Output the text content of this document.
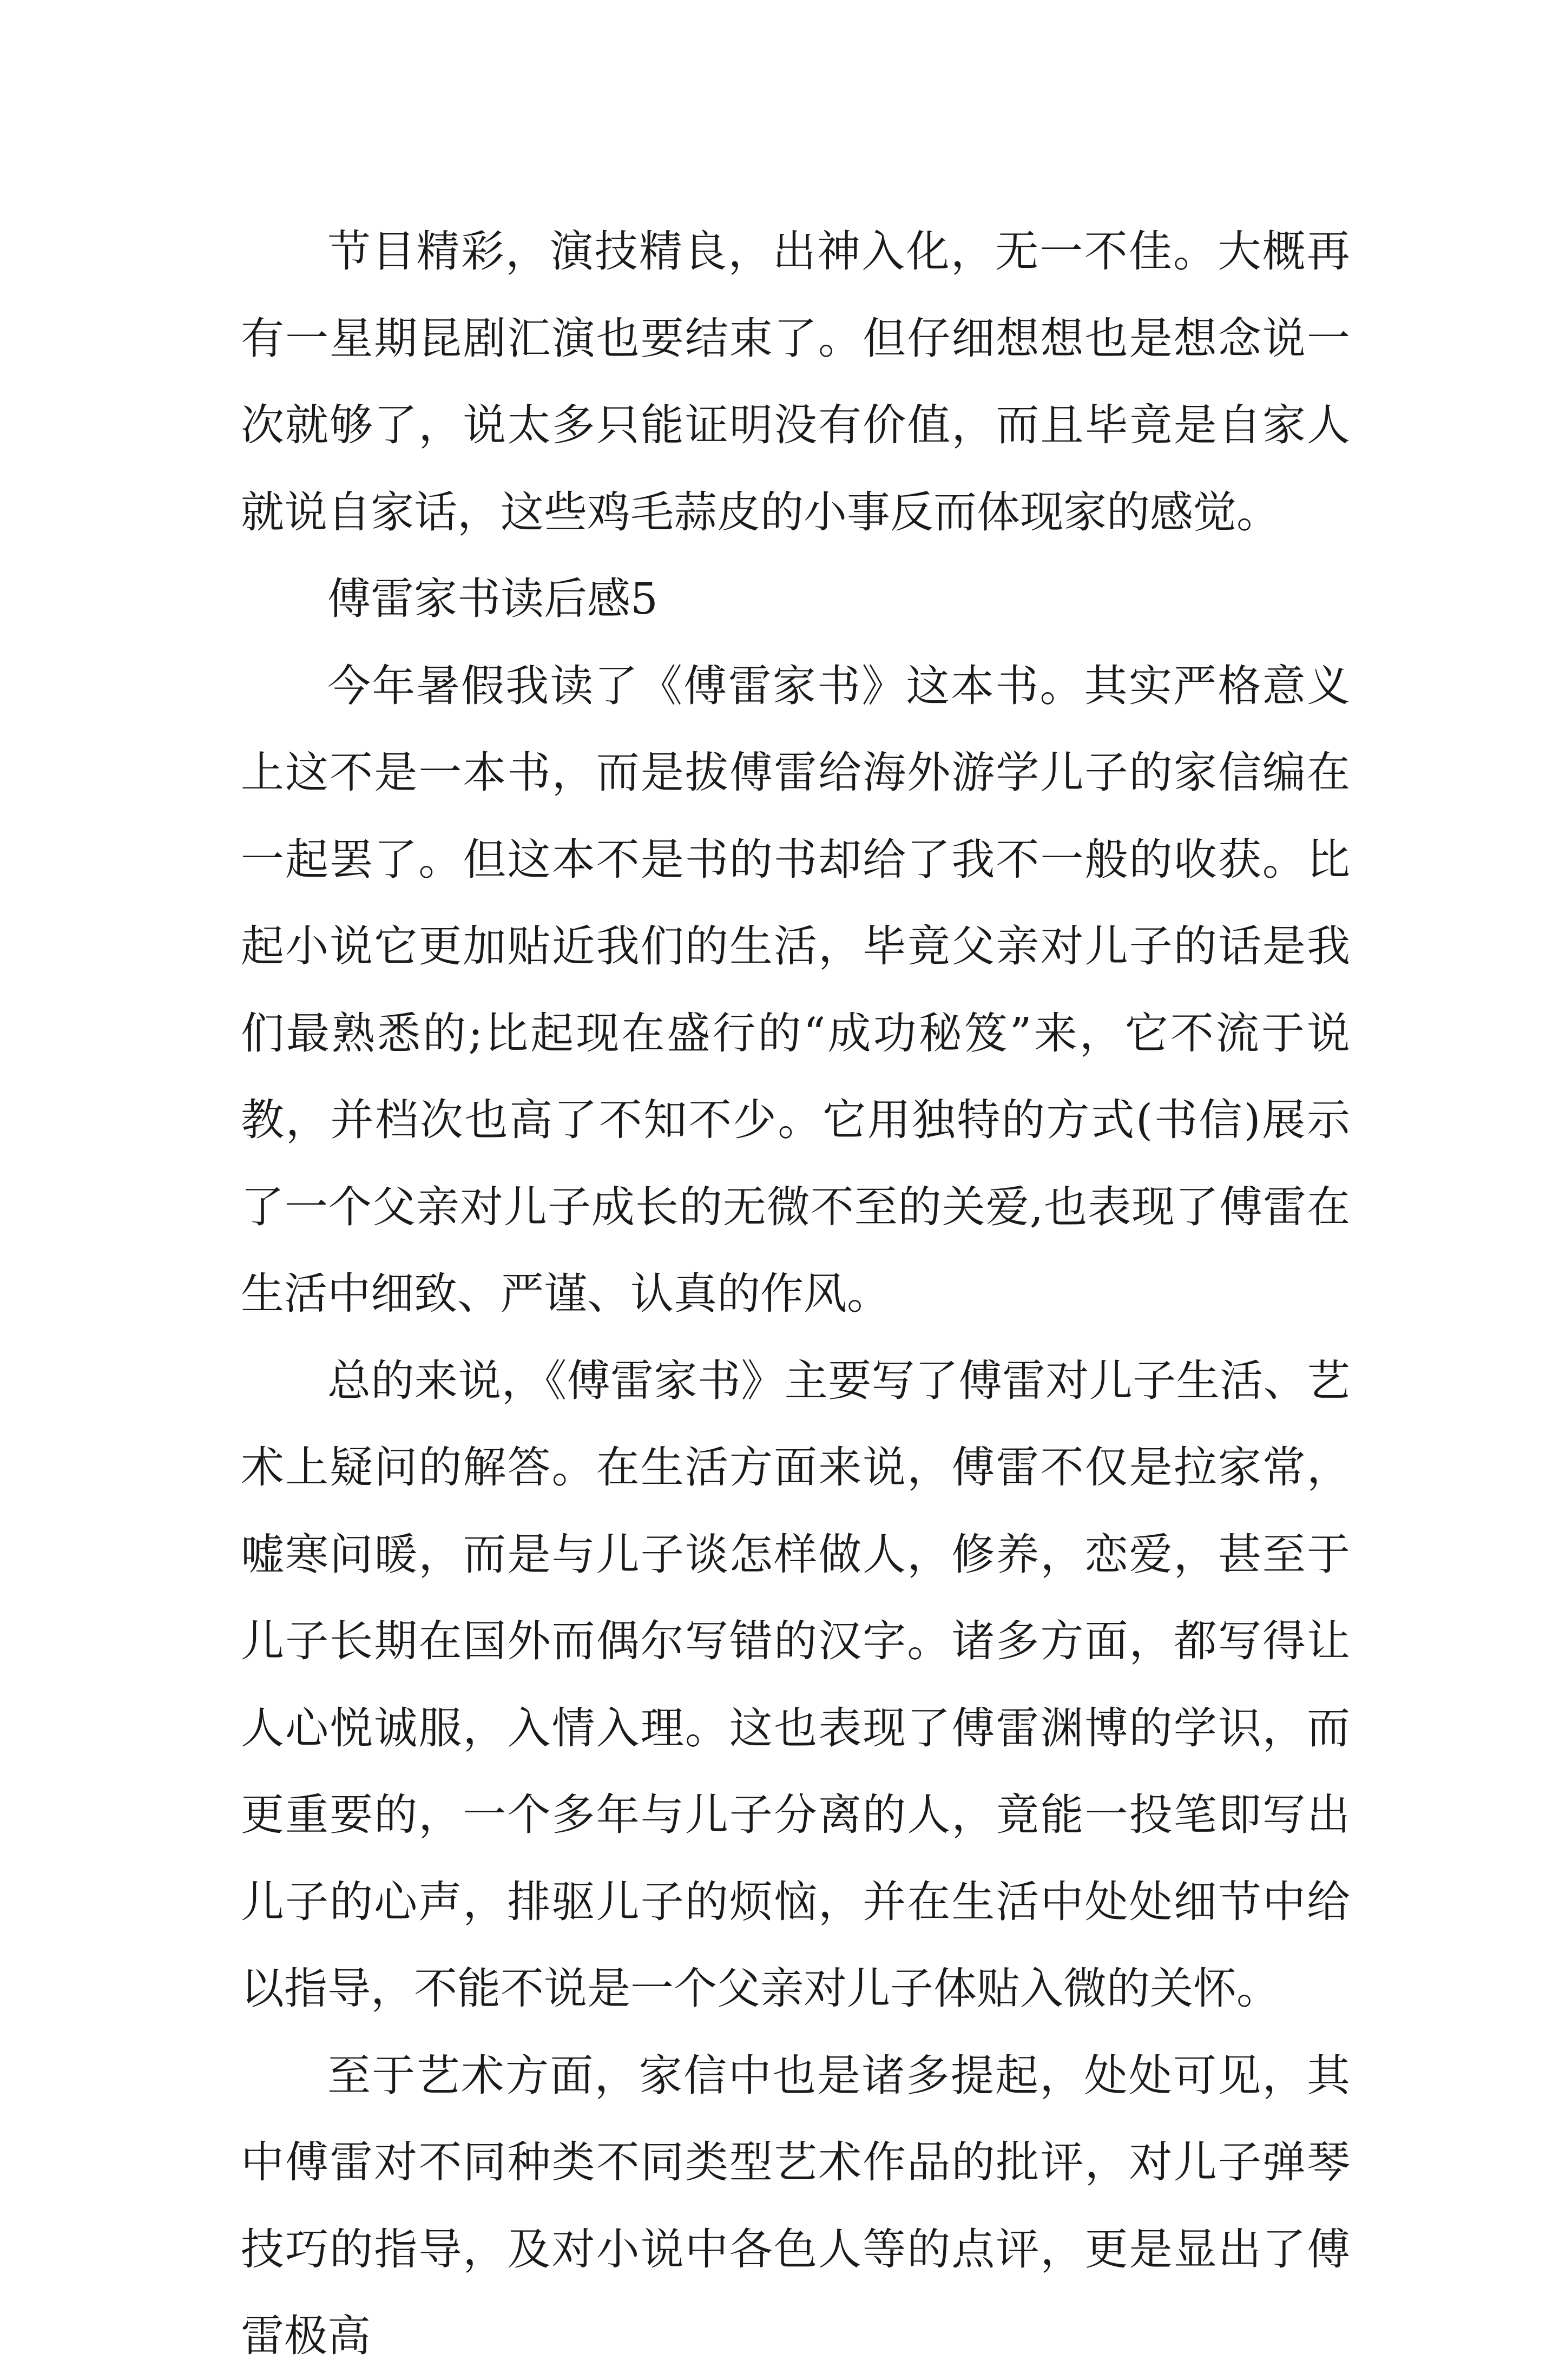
节目精彩，演技精良，出神入化，无一不佳。大概再有一星期昆剧汇演也要结束了。但仔细想想也是想念说一次就够了，说太多只能证明没有价值，而且毕竟是自家人就说自家话，这些鸡毛蒜皮的小事反而体现家的感觉。

傅雷家书读后感5

今年暑假我读了《傅雷家书》这本书。其实严格意义上这不是一本书，而是拔傅雷给海外游学儿子的家信编在一起罢了。但这本不是书的书却给了我不一般的收获。比起小说它更加贴近我们的生活，毕竟父亲对儿子的话是我们最熟悉的;比起现在盛行的“成功秘笈”来，它不流于说教，并档次也高了不知不少。它用独特的方式(书信)展示了一个父亲对儿子成长的无微不至的关爱,也表现了傅雷在生活中细致、严谨、认真的作风。

总的来说，《傅雷家书》主要写了傅雷对儿子生活、艺术上疑问的解答。在生活方面来说，傅雷不仅是拉家常，嘘寒问暖，而是与儿子谈怎样做人，修养，恋爱，甚至于儿子长期在国外而偶尔写错的汉字。诸多方面，都写得让人心悦诚服，入情入理。这也表现了傅雷渊博的学识，而更重要的，一个多年与儿子分离的人，竟能一投笔即写出儿子的心声，排驱儿子的烦恼，并在生活中处处细节中给以指导，不能不说是一个父亲对儿子体贴入微的关怀。

至于艺术方面，家信中也是诸多提起，处处可见，其中傅雷对不同种类不同类型艺术作品的批评，对儿子弹琴技巧的指导，及对小说中各色人等的点评，更是显出了傅雷极高
